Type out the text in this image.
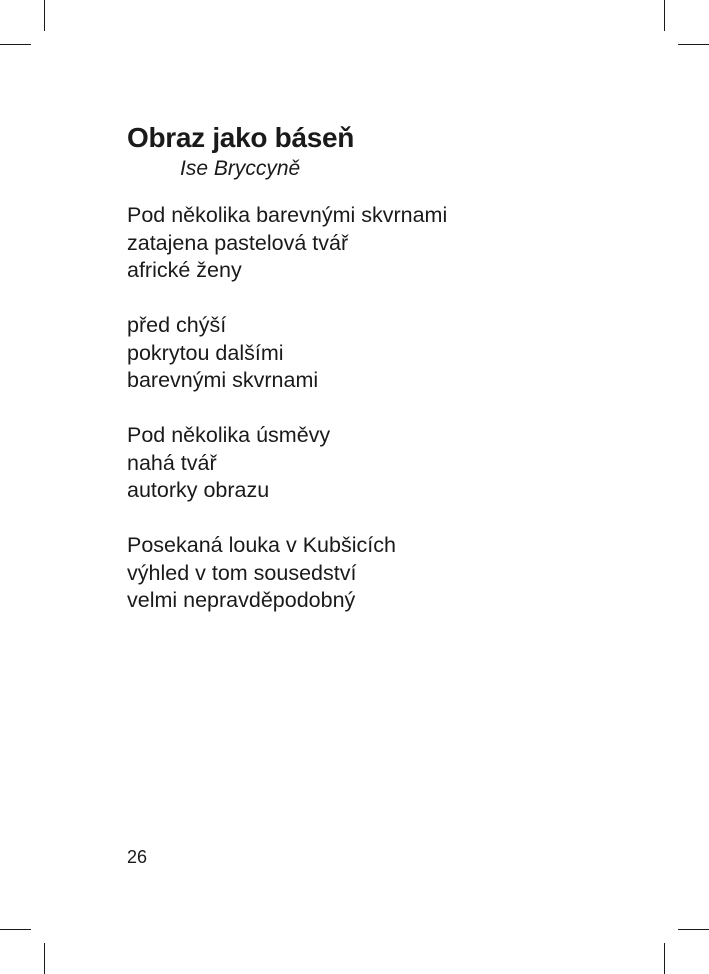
Obraz jako báseň

Ise Bryccyně

Pod několika barevnými skvrnami
zatajena pastelová tvář
africké ženy
před chýší
pokrytou dalšími
barevnými skvrnami
Pod několika úsměvy
nahá tvář
autorky obrazu
Posekaná louka v Kubšicích
výhled v tom sousedství
velmi nepravděpodobný
26
